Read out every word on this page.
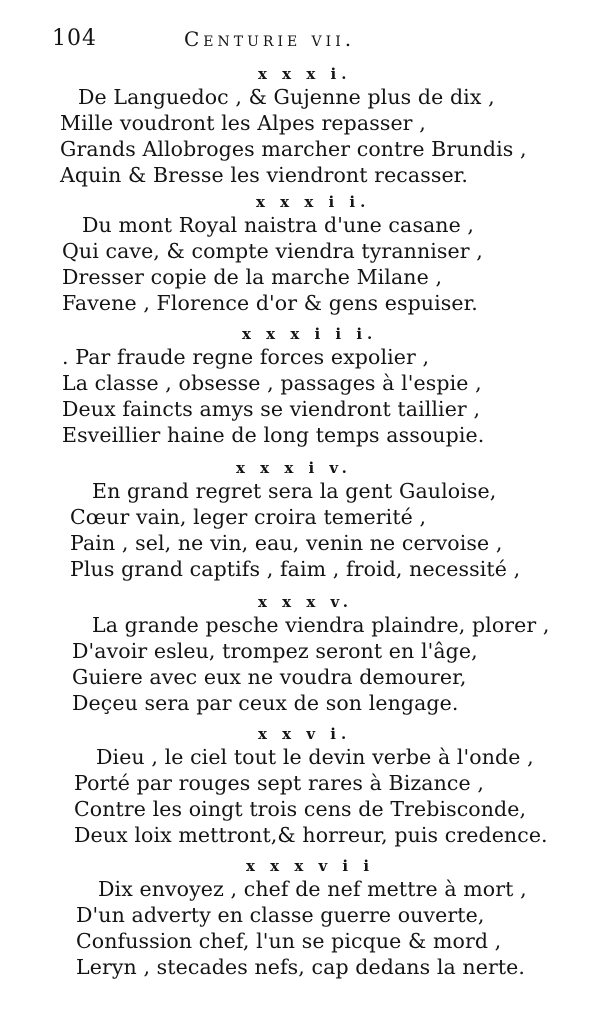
104	Centurie vii.
x x x i.
De Languedoc , & Gujenne plus de dix ,
Mille voudront les Alpes repasser ,
Grands Allobroges marcher contre Brundis ,
Aquin & Bresse les viendront recasser.
x x x i i.
Du mont Royal naistra d'une casane ,
Qui cave, & compte viendra tyranniser ,
Dresser copie de la marche Milane ,
Favene , Florence d'or & gens espuiser.
x x x i i i.
. Par fraude regne forces expolier ,
La classe , obsesse , passages à l'espie ,
Deux faincts amys se viendront taillier ,
Esveillier haine de long temps assoupie.
x x x i v.
En grand regret sera la gent Gauloise,
Cœur vain, leger croira temerité ,
Pain , sel, ne vin, eau, venin ne cervoise ,
Plus grand captifs , faim , froid, necessité ,
x x x v.
La grande pesche viendra plaindre, plorer ,
D'avoir esleu, trompez seront en l'âge,
Guiere avec eux ne voudra demourer,
Deçeu sera par ceux de son lengage.
x x v i.
Dieu , le ciel tout le devin verbe à l'onde ,
Porté par rouges sept rares à Bizance ,
Contre les oingt trois cens de Trebisconde,
Deux loix mettront,& horreur, puis credence.
x x x v i i
Dix envoyez , chef de nef mettre à mort ,
D'un adverty en classe guerre ouverte,
Confussion chef, l'un se picque & mord ,
Leryn , stecades nefs, cap dedans la nerte.
